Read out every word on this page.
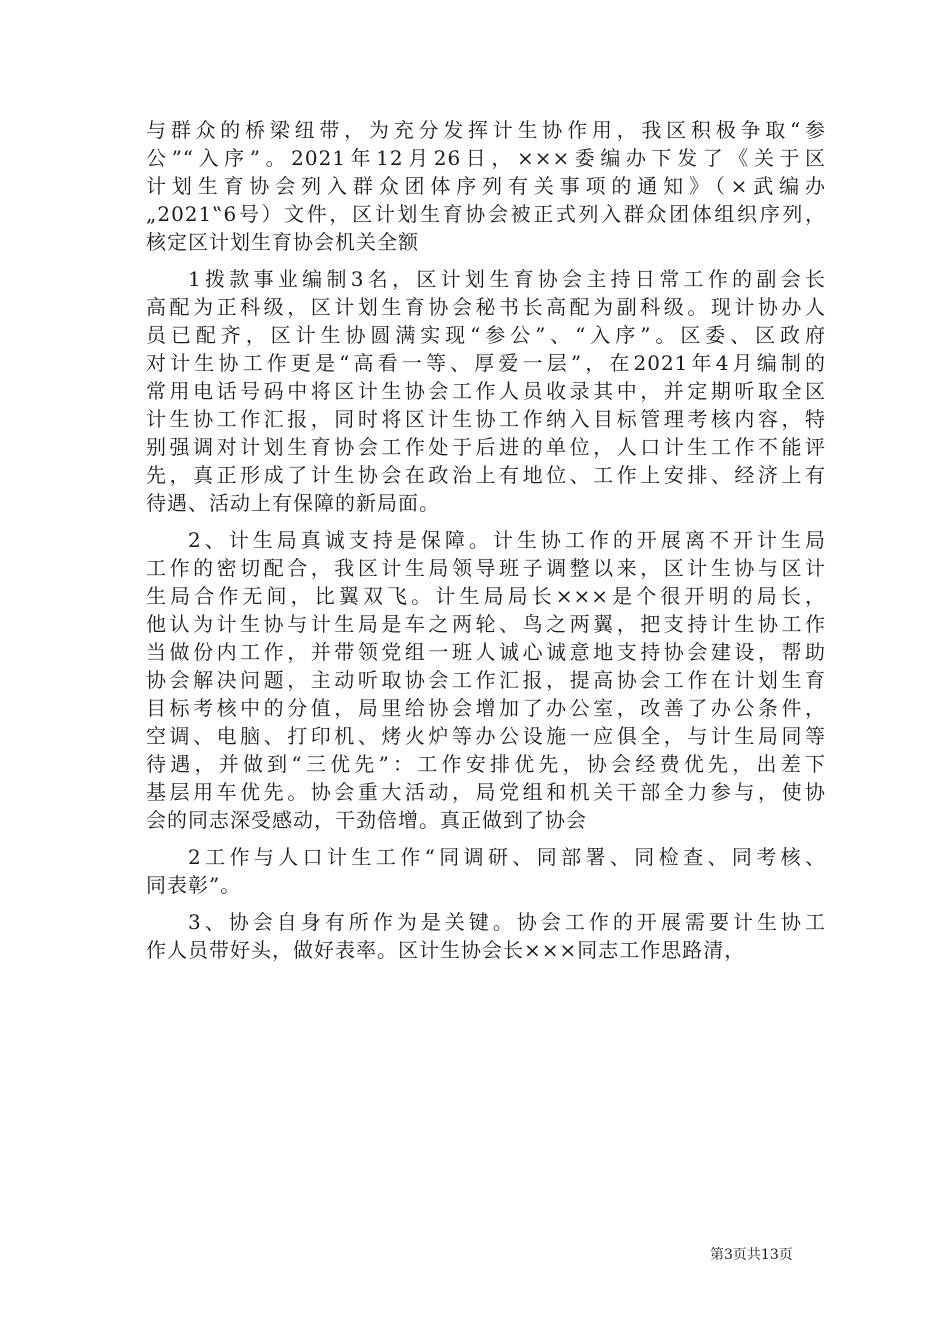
与群众的桥梁纽带，为充分发挥计生协作用，我区积极争取“参
公”“入序”。2021年12月26日，×××委编办下发了《关于区
计划生育协会列入群众团体序列有关事项的通知》（×武编办
„2021‟6号）文件，区计划生育协会被正式列入群众团体组织序列，
核定区计划生育协会机关全额
1拨款事业编制3名，区计划生育协会主持日常工作的副会长
高配为正科级，区计划生育协会秘书长高配为副科级。现计协办人
员已配齐，区计生协圆满实现“参公”、“入序”。区委、区政府
对计生协工作更是“高看一等、厚爱一层”，在2021年4月编制的
常用电话号码中将区计生协会工作人员收录其中，并定期听取全区
计生协工作汇报，同时将区计生协工作纳入目标管理考核内容，特
别强调对计划生育协会工作处于后进的单位，人口计生工作不能评
先，真正形成了计生协会在政治上有地位、工作上安排、经济上有
待遇、活动上有保障的新局面。
2、计生局真诚支持是保障。计生协工作的开展离不开计生局
工作的密切配合，我区计生局领导班子调整以来，区计生协与区计
生局合作无间，比翼双飞。计生局局长×××是个很开明的局长，
他认为计生协与计生局是车之两轮、鸟之两翼，把支持计生协工作
当做份内工作，并带领党组一班人诚心诚意地支持协会建设，帮助
协会解决问题，主动听取协会工作汇报，提高协会工作在计划生育
目标考核中的分值，局里给协会增加了办公室，改善了办公条件，
空调、电脑、打印机、烤火炉等办公设施一应俱全，与计生局同等
待遇，并做到“三优先”：工作安排优先，协会经费优先，出差下
基层用车优先。协会重大活动，局党组和机关干部全力参与，使协
会的同志深受感动，干劲倍增。真正做到了协会
2工作与人口计生工作“同调研、同部署、同检查、同考核、
同表彰”。
3、协会自身有所作为是关键。协会工作的开展需要计生协工
作人员带好头，做好表率。区计生协会长×××同志工作思路清，
第3页共13页
